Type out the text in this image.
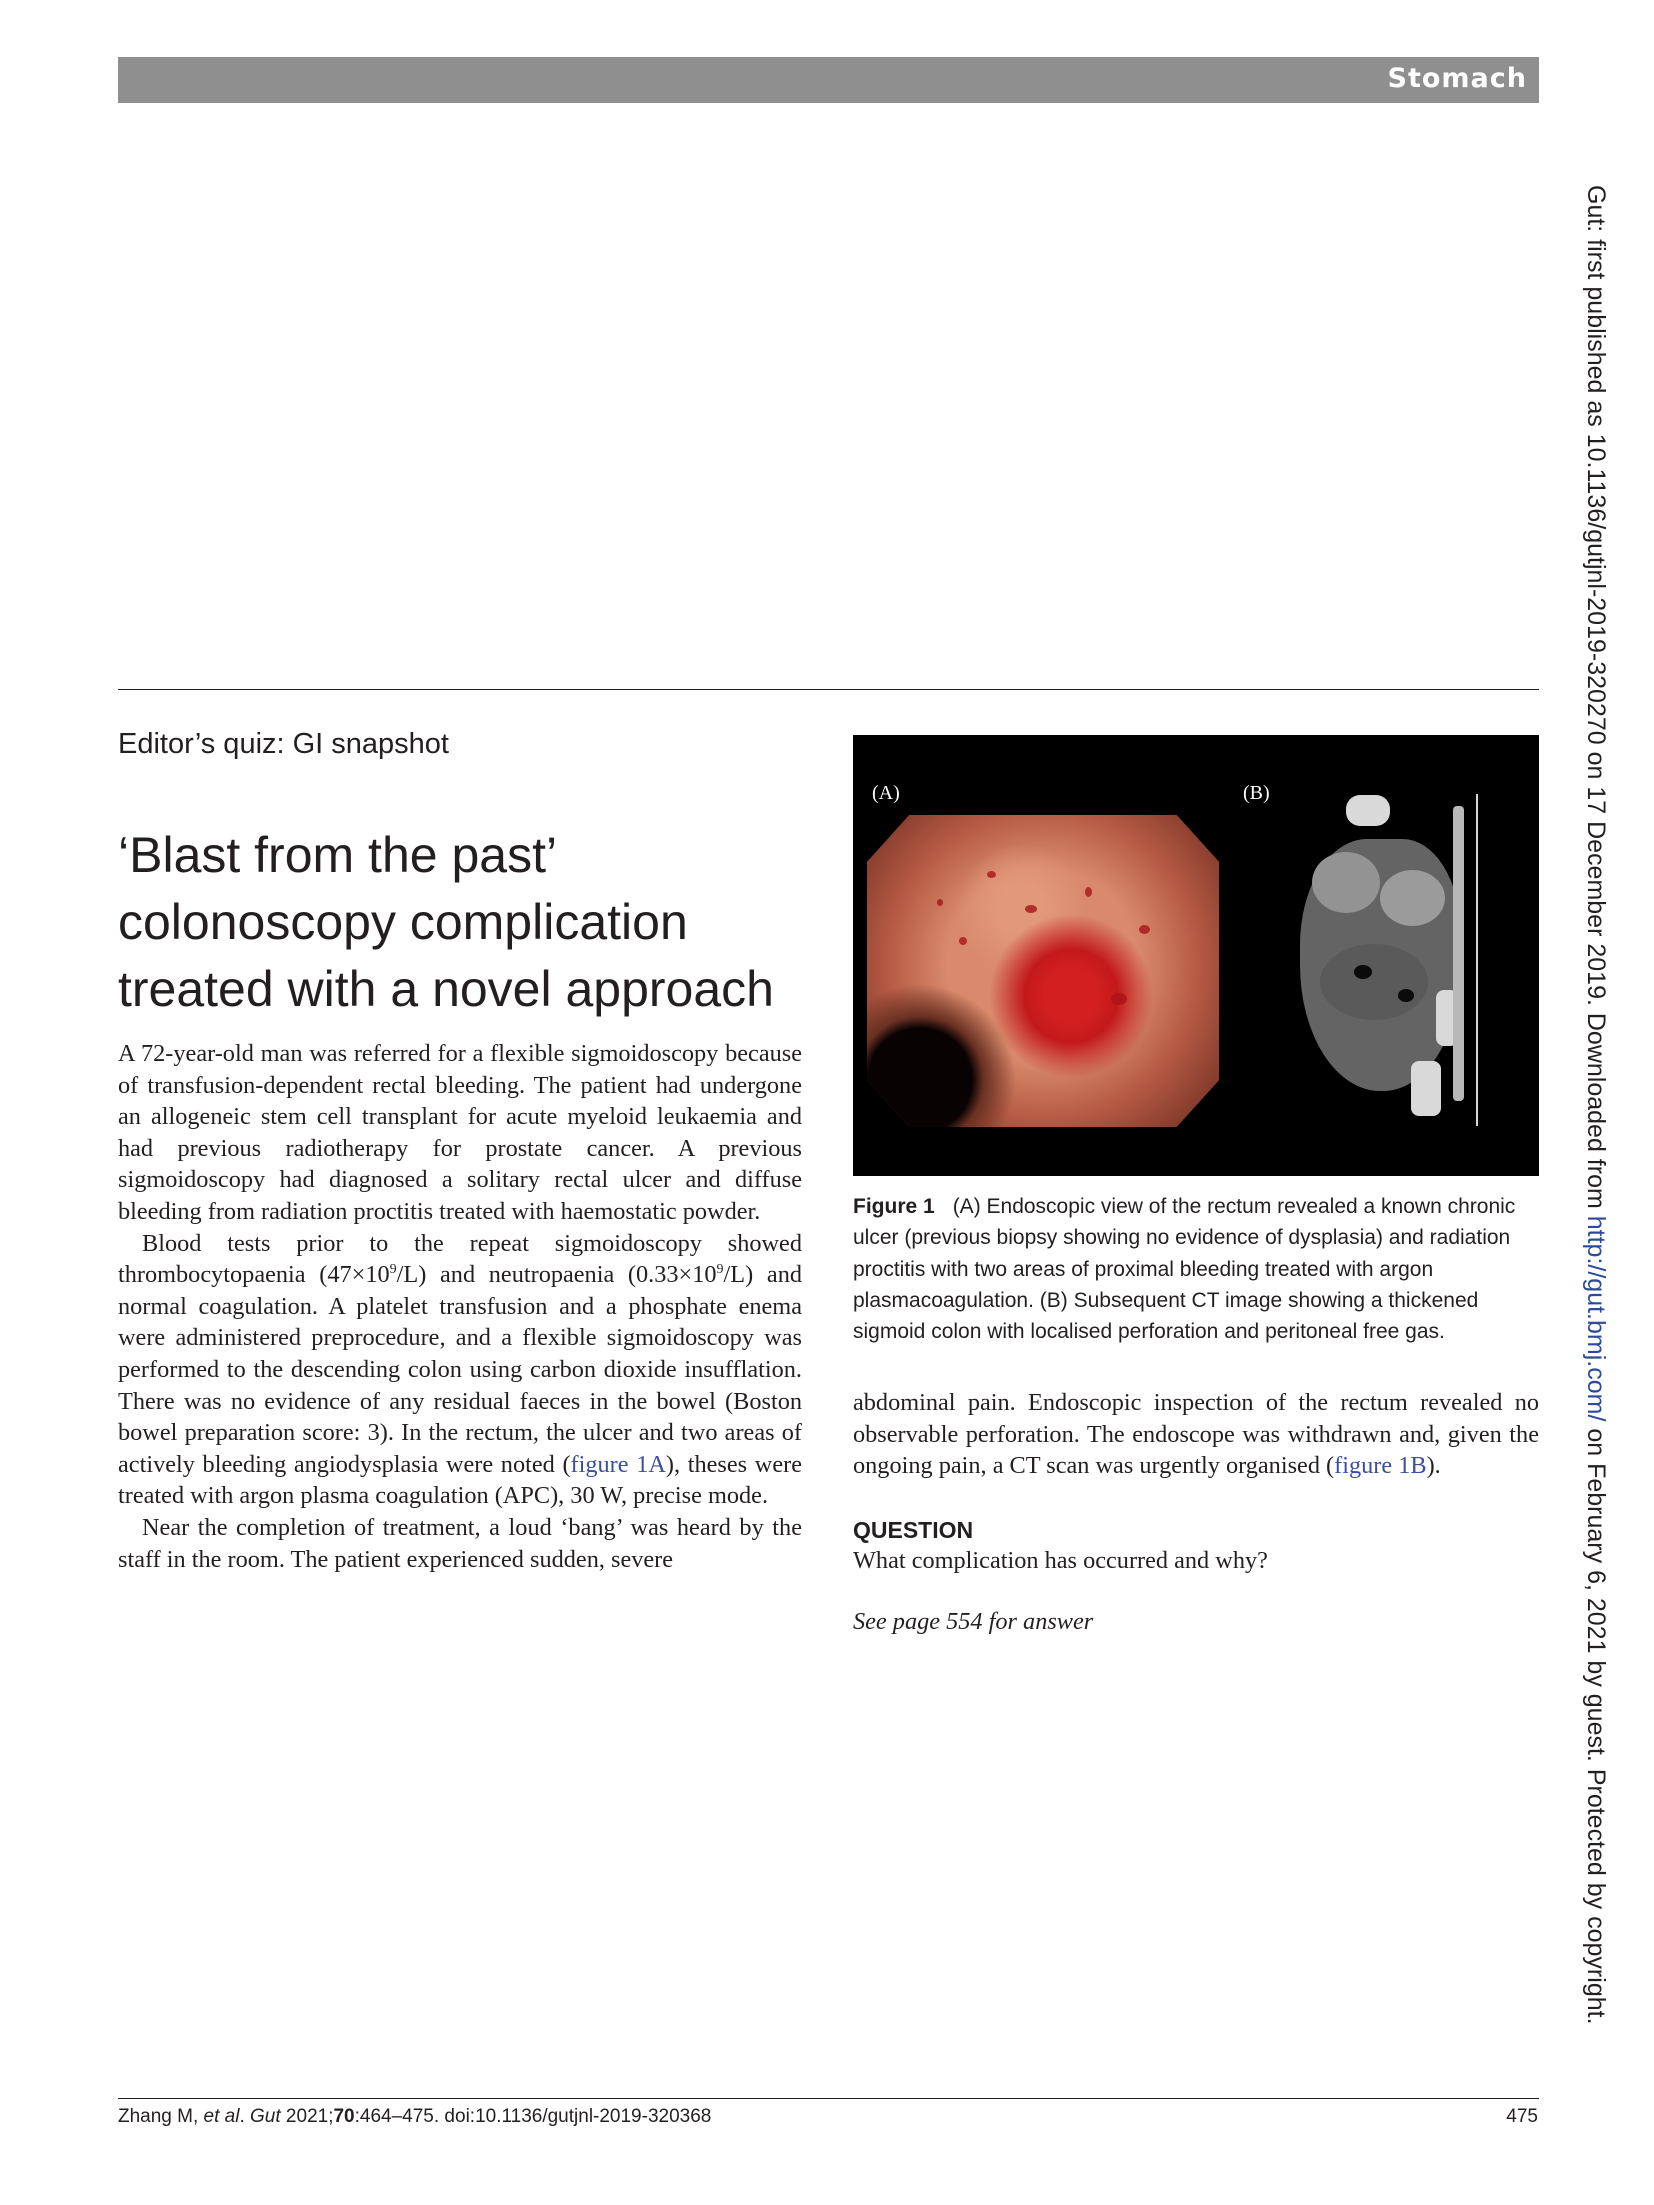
Stomach
Gut: first published as 10.1136/gutjnl-2019-320270 on 17 December 2019. Downloaded from http://gut.bmj.com/ on February 6, 2021 by guest. Protected by copyright.
Editor’s quiz: GI snapshot
‘Blast from the past’ colonoscopy complication treated with a novel approach

A 72-year-old man was referred for a flexible sigmoidoscopy because of transfusion-dependent rectal bleeding. The patient had undergone an allogeneic stem cell transplant for acute myeloid leukaemia and had previous radiotherapy for prostate cancer. A previous sigmoidoscopy had diagnosed a solitary rectal ulcer and diffuse bleeding from radiation proctitis treated with haemostatic powder.

Blood tests prior to the repeat sigmoidoscopy showed thrombocytopaenia $(47\times 10^9/L)$ and neutropaenia $(0.33\times 10^9/L)$ and normal coagulation. A platelet transfusion and a phosphate enema were administered preprocedure, and a flexible sigmoidoscopy was performed to the descending colon using carbon dioxide insufflation. There was no evidence of any residual faeces in the bowel (Boston bowel preparation score: 3). In the rectum, the ulcer and two areas of actively bleeding angiodysplasia were noted (figure 1A), theses were treated with argon plasma coagulation (APC), 30 W, precise mode.

Near the completion of treatment, a loud ‘bang’ was heard by the staff in the room. The patient experienced sudden, severe

(A)	(B)
Figure 1 (A) Endoscopic view of the rectum revealed a known chronic ulcer (previous biopsy showing no evidence of dysplasia) and radiation proctitis with two areas of proximal bleeding treated with argon plasmacoagulation. (B) Subsequent CT image showing a thickened sigmoid colon with localised perforation and peritoneal free gas.

abdominal pain. Endoscopic inspection of the rectum revealed no observable perforation. The endoscope was withdrawn and, given the ongoing pain, a CT scan was urgently organised (figure 1B).

QUESTION
What complication has occurred and why?
See page 554 for answer
Zhang M, et al. Gut 2021;70:464–475. doi:10.1136/gutjnl-2019-320368	475
